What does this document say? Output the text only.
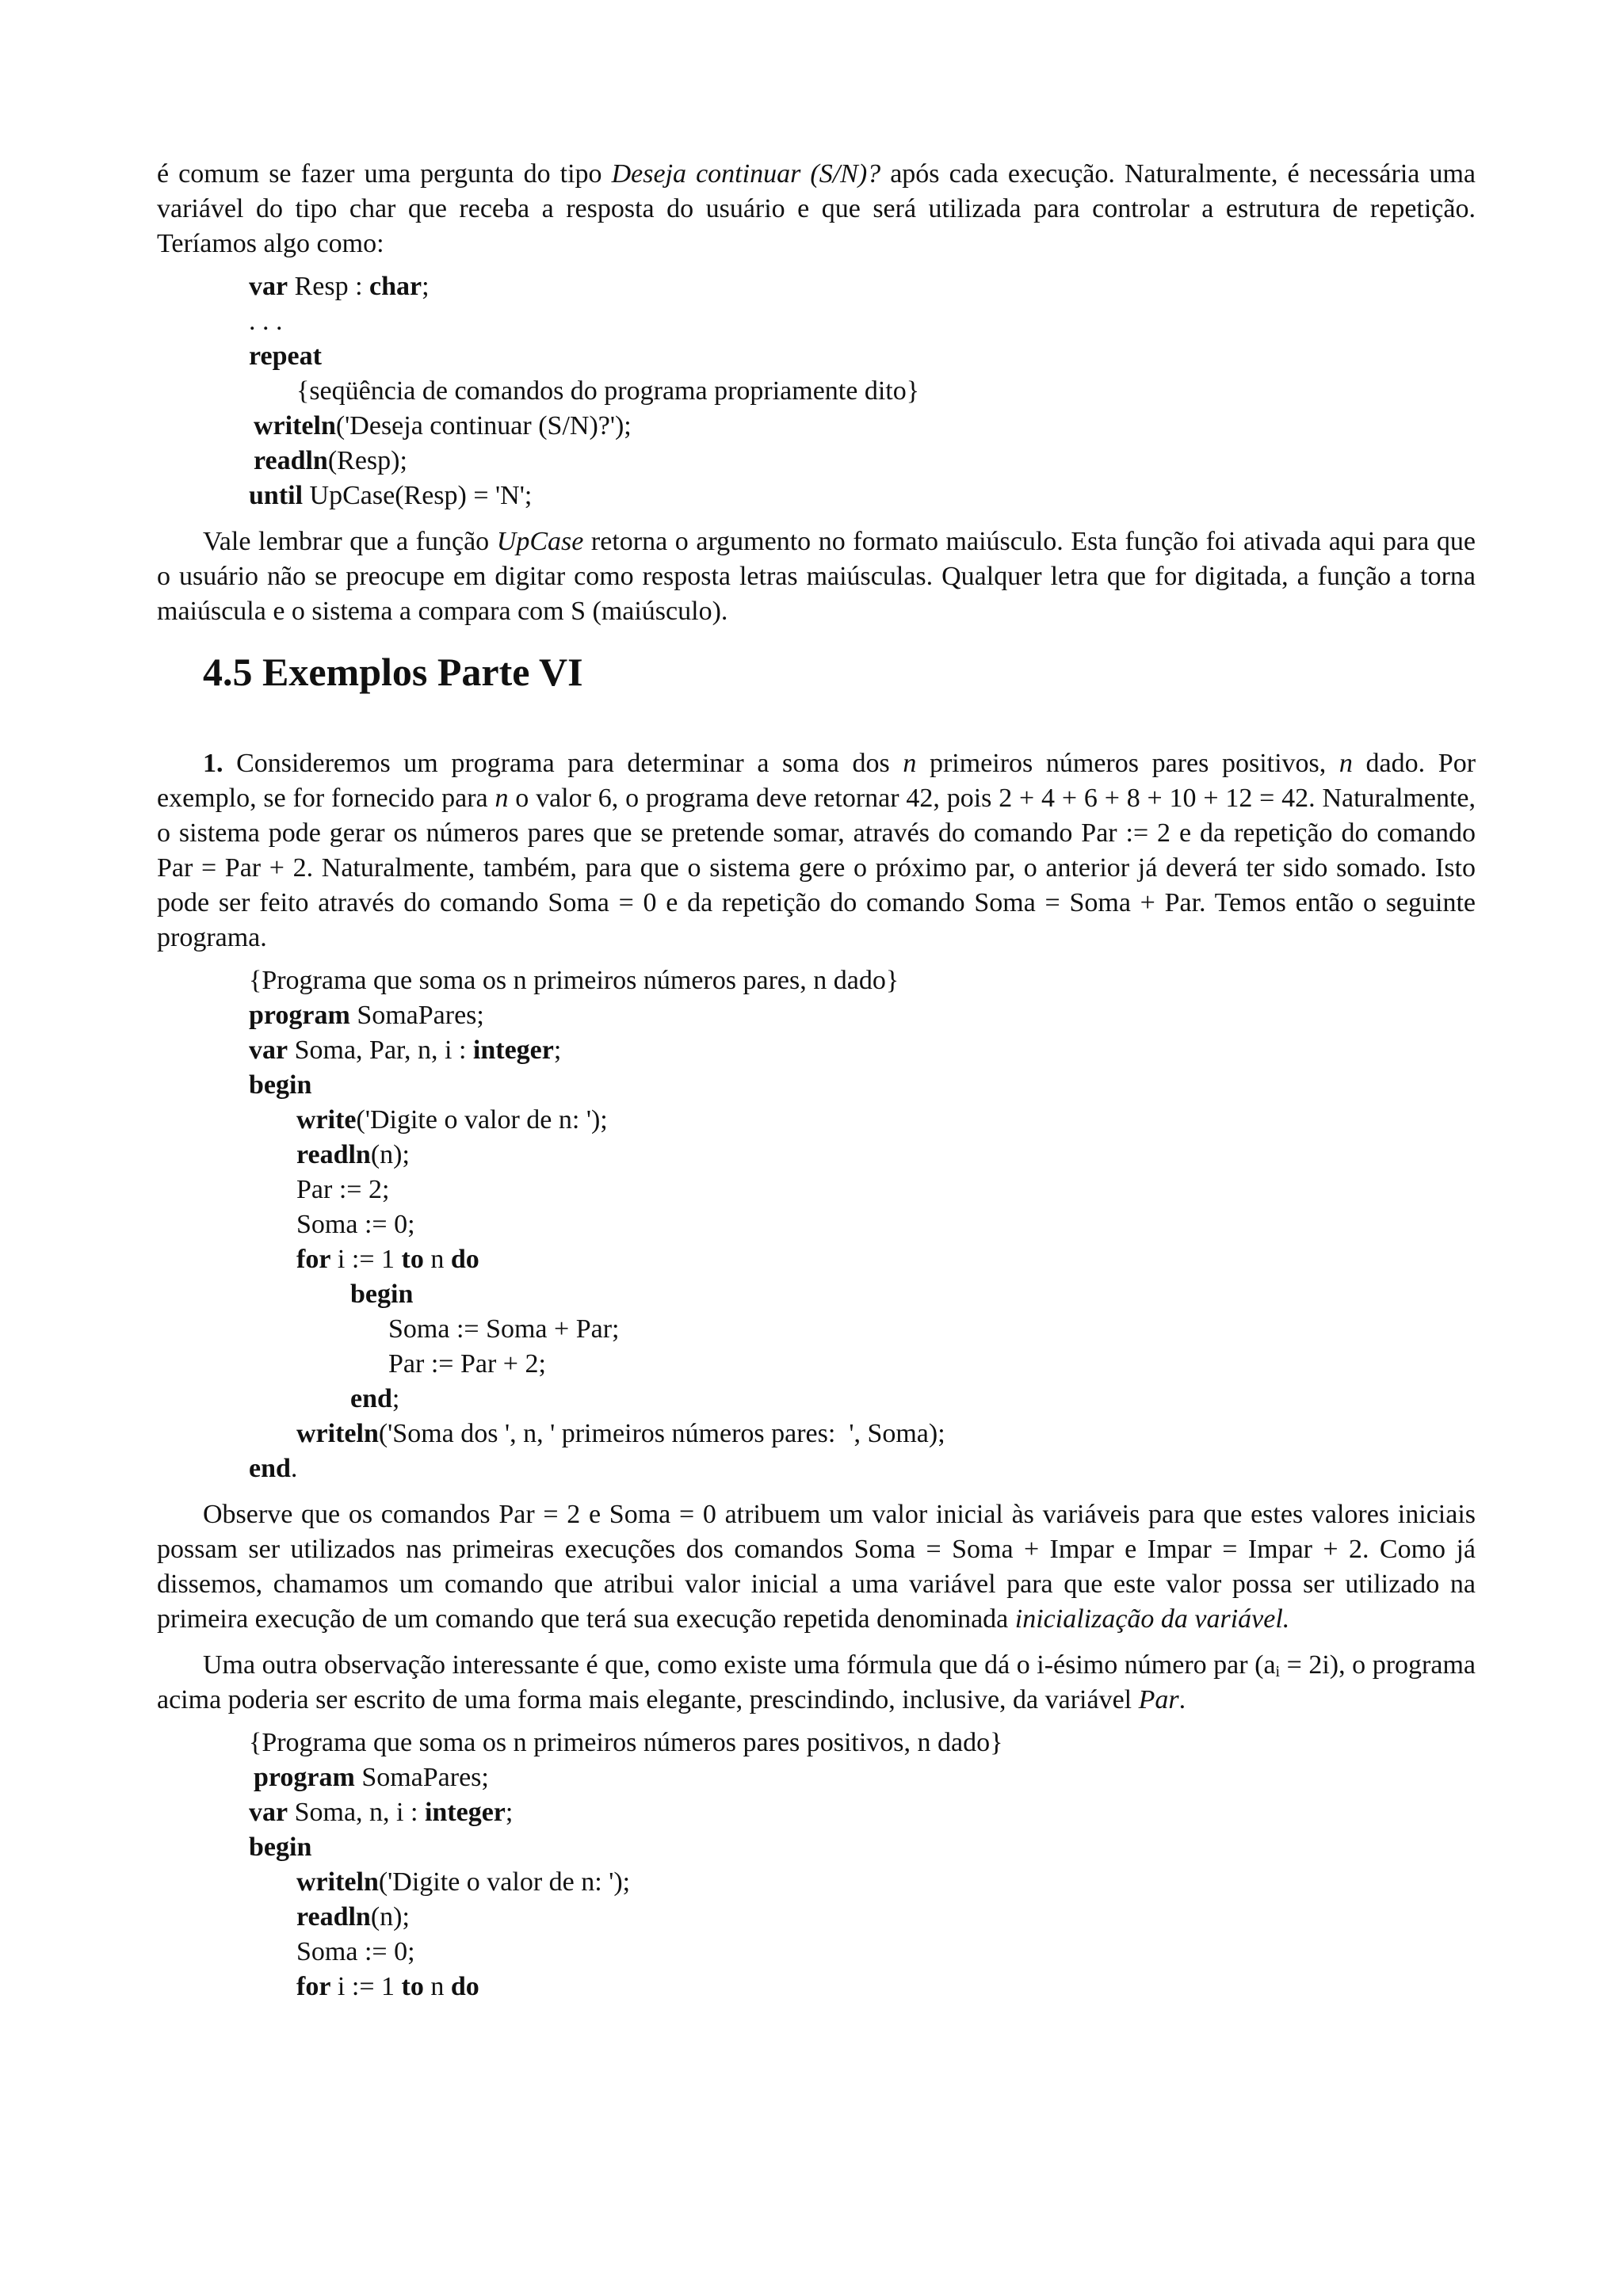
é comum se fazer uma pergunta do tipo Deseja continuar (S/N)? após cada execução. Naturalmente, é necessária uma variável do tipo char que receba a resposta do usuário e que será utilizada para controlar a estrutura de repetição. Teríamos algo como:

var Resp : char;
. . .
repeat
{seqüência de comandos do programa propriamente dito}
writeln('Deseja continuar (S/N)?');
readln(Resp);
until UpCase(Resp) = 'N';

Vale lembrar que a função UpCase retorna o argumento no formato maiúsculo. Esta função foi ativada aqui para que o usuário não se preocupe em digitar como resposta letras maiúsculas. Qualquer letra que for digitada, a função a torna maiúscula e o sistema a compara com S (maiúsculo).

4.5 Exemplos Parte VI

1. Consideremos um programa para determinar a soma dos n primeiros números pares positivos, n dado. Por exemplo, se for fornecido para n o valor 6, o programa deve retornar 42, pois 2 + 4 + 6 + 8 + 10 + 12 = 42. Naturalmente, o sistema pode gerar os números pares que se pretende somar, através do comando Par := 2 e da repetição do comando Par = Par + 2. Naturalmente, também, para que o sistema gere o próximo par, o anterior já deverá ter sido somado. Isto pode ser feito através do comando Soma = 0 e da repetição do comando Soma = Soma + Par. Temos então o seguinte programa.

{Programa que soma os n primeiros números pares, n dado}
program SomaPares;
var Soma, Par, n, i : integer;
begin
write('Digite o valor de n: ');
readln(n);
Par := 2;
Soma := 0;
for i := 1 to n do
begin
Soma := Soma + Par;
Par := Par + 2;
end;
writeln('Soma dos ', n, ' primeiros números pares:  ', Soma);
end.

Observe que os comandos Par = 2 e Soma = 0 atribuem um valor inicial às variáveis para que estes valores iniciais possam ser utilizados nas primeiras execuções dos comandos Soma = Soma + Impar e Impar = Impar + 2. Como já dissemos, chamamos um comando que atribui valor inicial a uma variável para que este valor possa ser utilizado na primeira execução de um comando que terá sua execução repetida denominada inicialização da variável.

Uma outra observação interessante é que, como existe uma fórmula que dá o i-ésimo número par $(a_i = 2i)$, o programa acima poderia ser escrito de uma forma mais elegante, prescindindo, inclusive, da variável Par.

{Programa que soma os n primeiros números pares positivos, n dado}
program SomaPares;
var Soma, n, i : integer;
begin
writeln('Digite o valor de n: ');
readln(n);
Soma := 0;
for i := 1 to n do
